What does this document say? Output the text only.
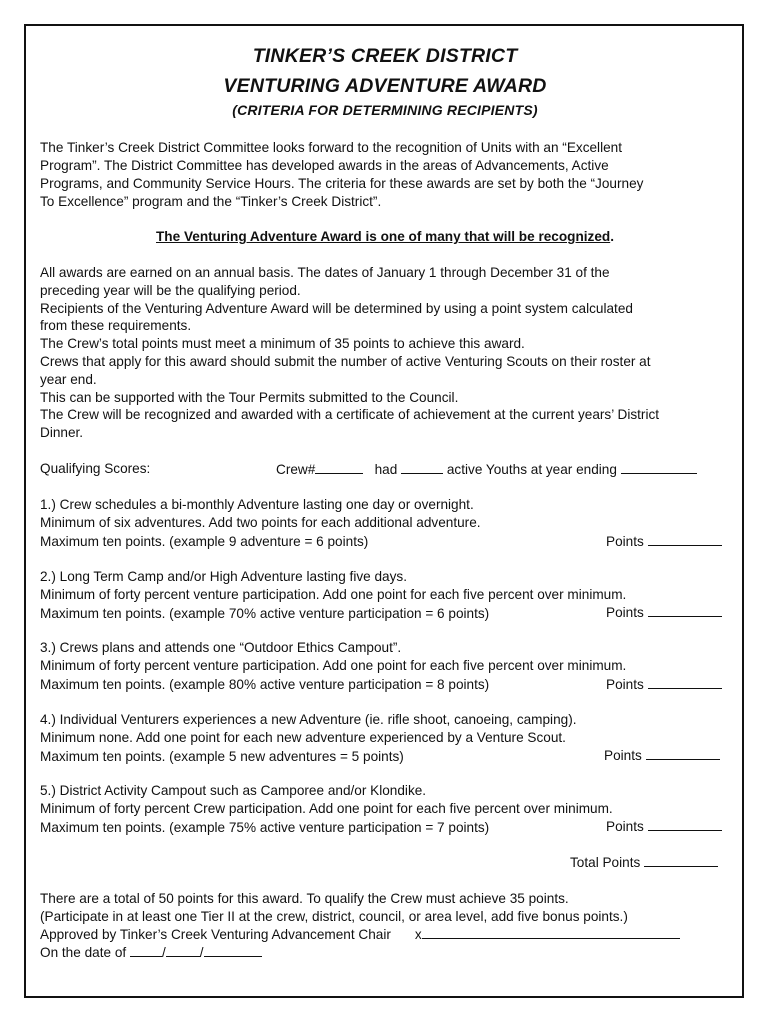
TINKER’S CREEK DISTRICT
VENTURING ADVENTURE AWARD
(CRITERIA FOR DETERMINING RECIPIENTS)
The Tinker’s Creek District Committee looks forward to the recognition of Units with an “Excellent
Program”. The District Committee has developed awards in the areas of Advancements, Active
Programs, and Community Service Hours. The criteria for these awards are set by both the “Journey
To Excellence” program and the “Tinker’s Creek District”.
The Venturing Adventure Award is one of many that will be recognized.
All awards are earned on an annual basis. The dates of January 1 through December 31 of the
preceding year will be the qualifying period.
Recipients of the Venturing Adventure Award will be determined by using a point system calculated
from these requirements.
The Crew’s total points must meet a minimum of 35 points to achieve this award.
Crews that apply for this award should submit the number of active Venturing Scouts on their roster at
year end.
This can be supported with the Tour Permits submitted to the Council.
The Crew will be recognized and awarded with a certificate of achievement at the current years’ District
Dinner.
Qualifying Scores:	Crew#	had	active Youths at year ending
1.) Crew schedules a bi-monthly Adventure lasting one day or overnight.
Minimum of six adventures. Add two points for each additional adventure.
Maximum ten points. (example 9 adventure = 6 points)	Points
2.) Long Term Camp and/or High Adventure lasting five days.
Minimum of forty percent venture participation. Add one point for each five percent over minimum.
Maximum ten points. (example 70% active venture participation = 6 points)	Points
3.) Crews plans and attends one “Outdoor Ethics Campout”.
Minimum of forty percent venture participation. Add one point for each five percent over minimum.
Maximum ten points. (example 80% active venture participation = 8 points)	Points
4.) Individual Venturers experiences a new Adventure (ie. rifle shoot, canoeing, camping).
Minimum none. Add one point for each new adventure experienced by a Venture Scout.
Maximum ten points. (example 5 new adventures = 5 points)	Points
5.) District Activity Campout such as Camporee and/or Klondike.
Minimum of forty percent Crew participation. Add one point for each five percent over minimum.
Maximum ten points. (example 75% active venture participation = 7 points)	Points
Total Points
There are a total of 50 points for this award. To qualify the Crew must achieve 35 points.
(Participate in at least one Tier II at the crew, district, council, or area level, add five bonus points.)
Approved by Tinker’s Creek Venturing Advancement Chair x
On the date of	/	/
